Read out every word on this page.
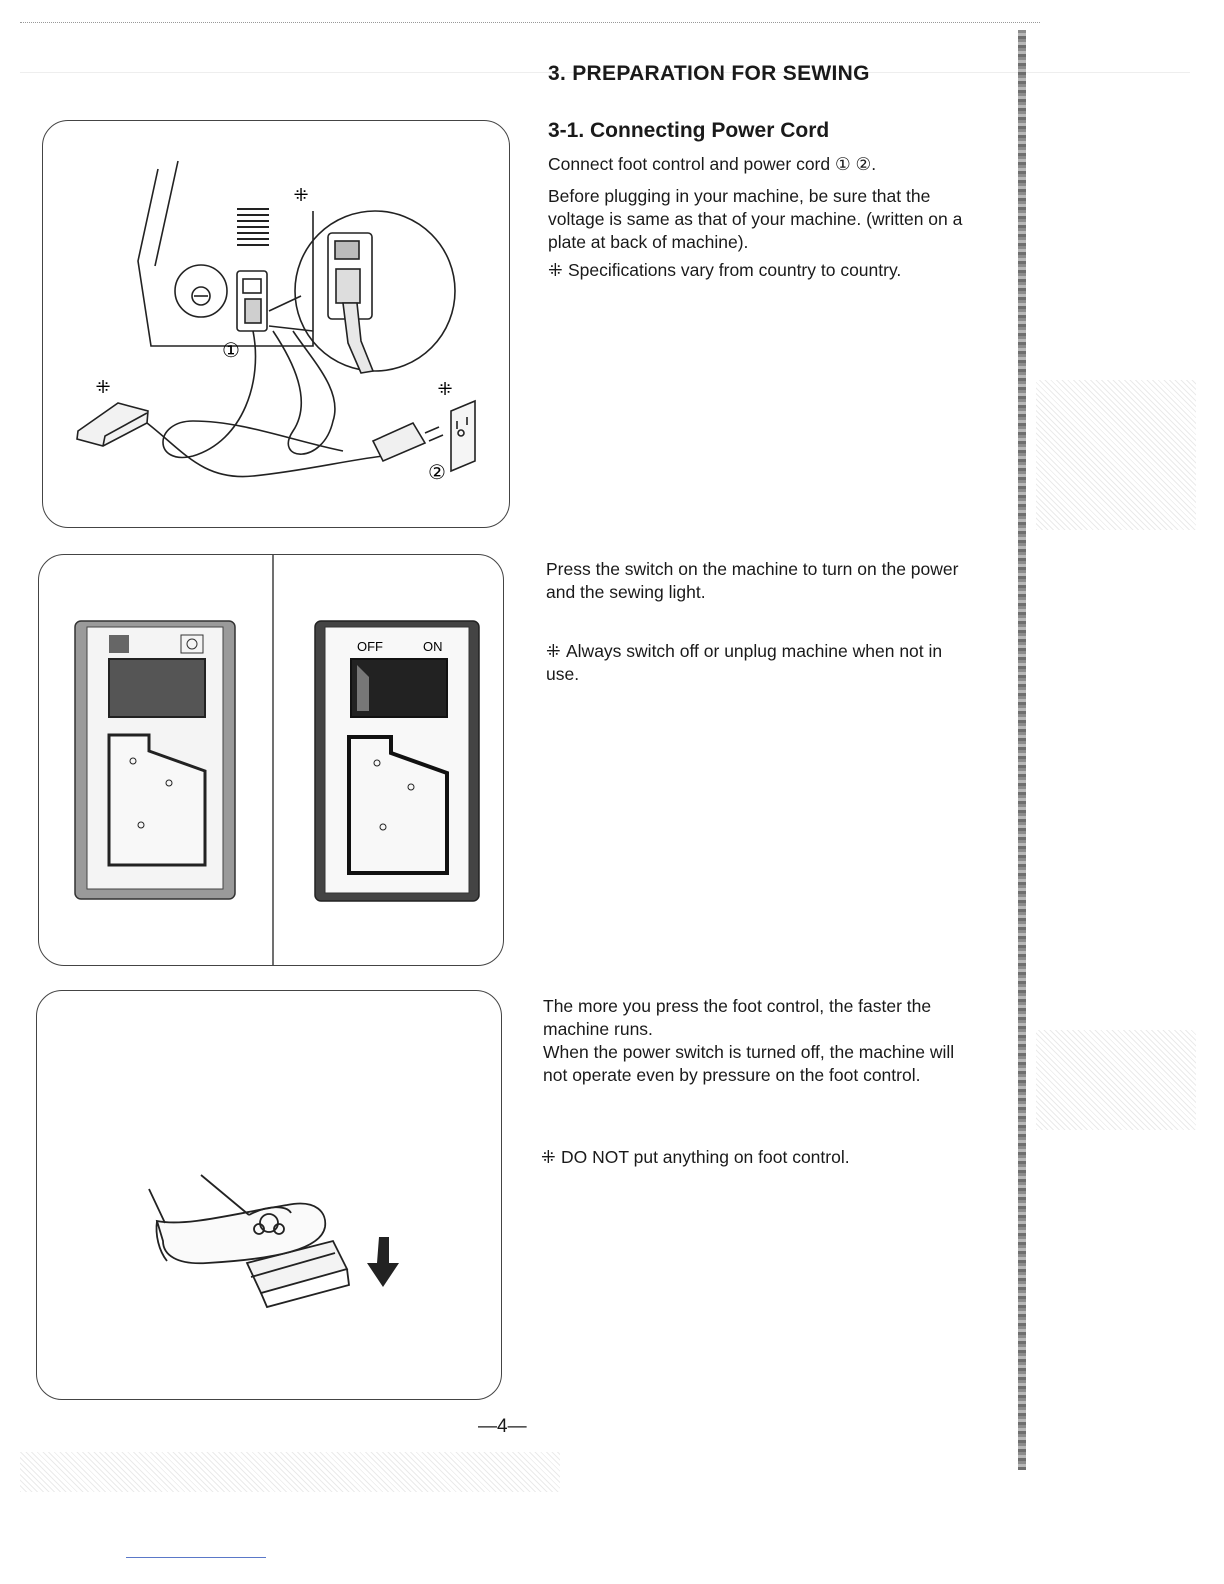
3. PREPARATION FOR SEWING
3-1. Connecting Power Cord
⁜
⁜	⁜
①
②
OFF	ON

Connect foot control and power cord ① ②.

Before plugging in your machine, be sure that the voltage is same as that of your machine. (written on a plate at back of machine).

⁜ Specifications vary from country to country.

Press the switch on the machine to turn on the power and the sewing light.

⁜ Always switch off or unplug machine when not in use.

The more you press the foot control, the faster the machine runs.

When the power switch is turned off, the machine will not operate even by pressure on the foot control.

⁜ DO NOT put anything on foot control.

—4—
